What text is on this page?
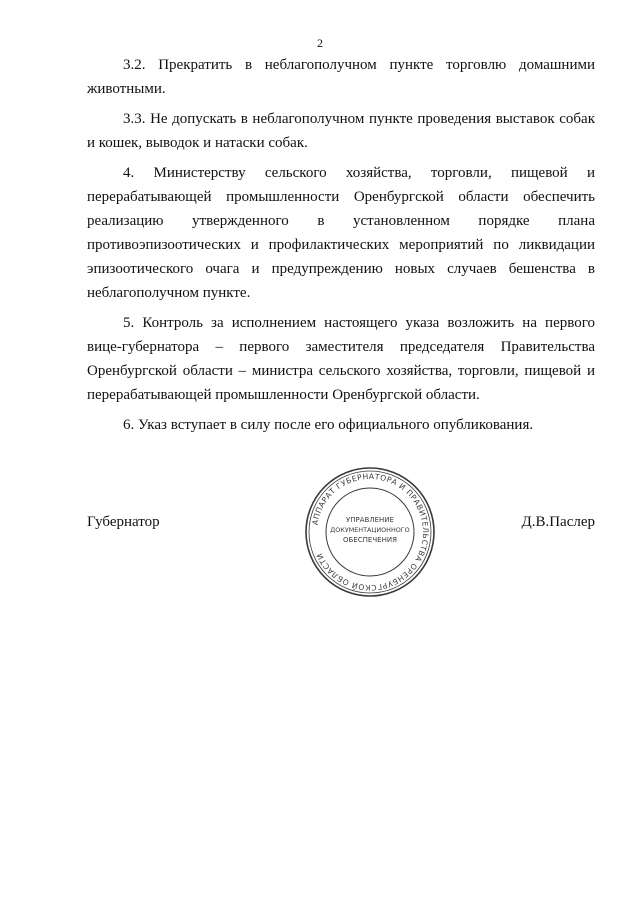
2

3.2. Прекратить в неблагополучном пункте торговлю домашними животными.

3.3. Не допускать в неблагополучном пункте проведения выставок собак и кошек, выводок и натаски собак.

4. Министерству сельского хозяйства, торговли, пищевой и перерабатывающей промышленности Оренбургской области обеспечить реализацию утвержденного в установленном порядке плана противоэпизоотических и профилактических мероприятий по ликвидации эпизоотического очага и предупреждению новых случаев бешенства в неблагополучном пункте.

5. Контроль за исполнением настоящего указа возложить на первого вице-губернатора – первого заместителя председателя Правительства Оренбургской области – министра сельского хозяйства, торговли, пищевой и перерабатывающей промышленности Оренбургской области.

6. Указ вступает в силу после его официального опубликования.

Губернатор	Д.В.Паслер
АППАРАТ ГУБЕРНАТОРА И ПРАВИТЕЛЬСТВА ОРЕНБУРГСКОЙ ОБЛАСТИ
УПРАВЛЕНИЕ
ДОКУМЕНТАЦИОННОГО
ОБЕСПЕЧЕНИЯ
